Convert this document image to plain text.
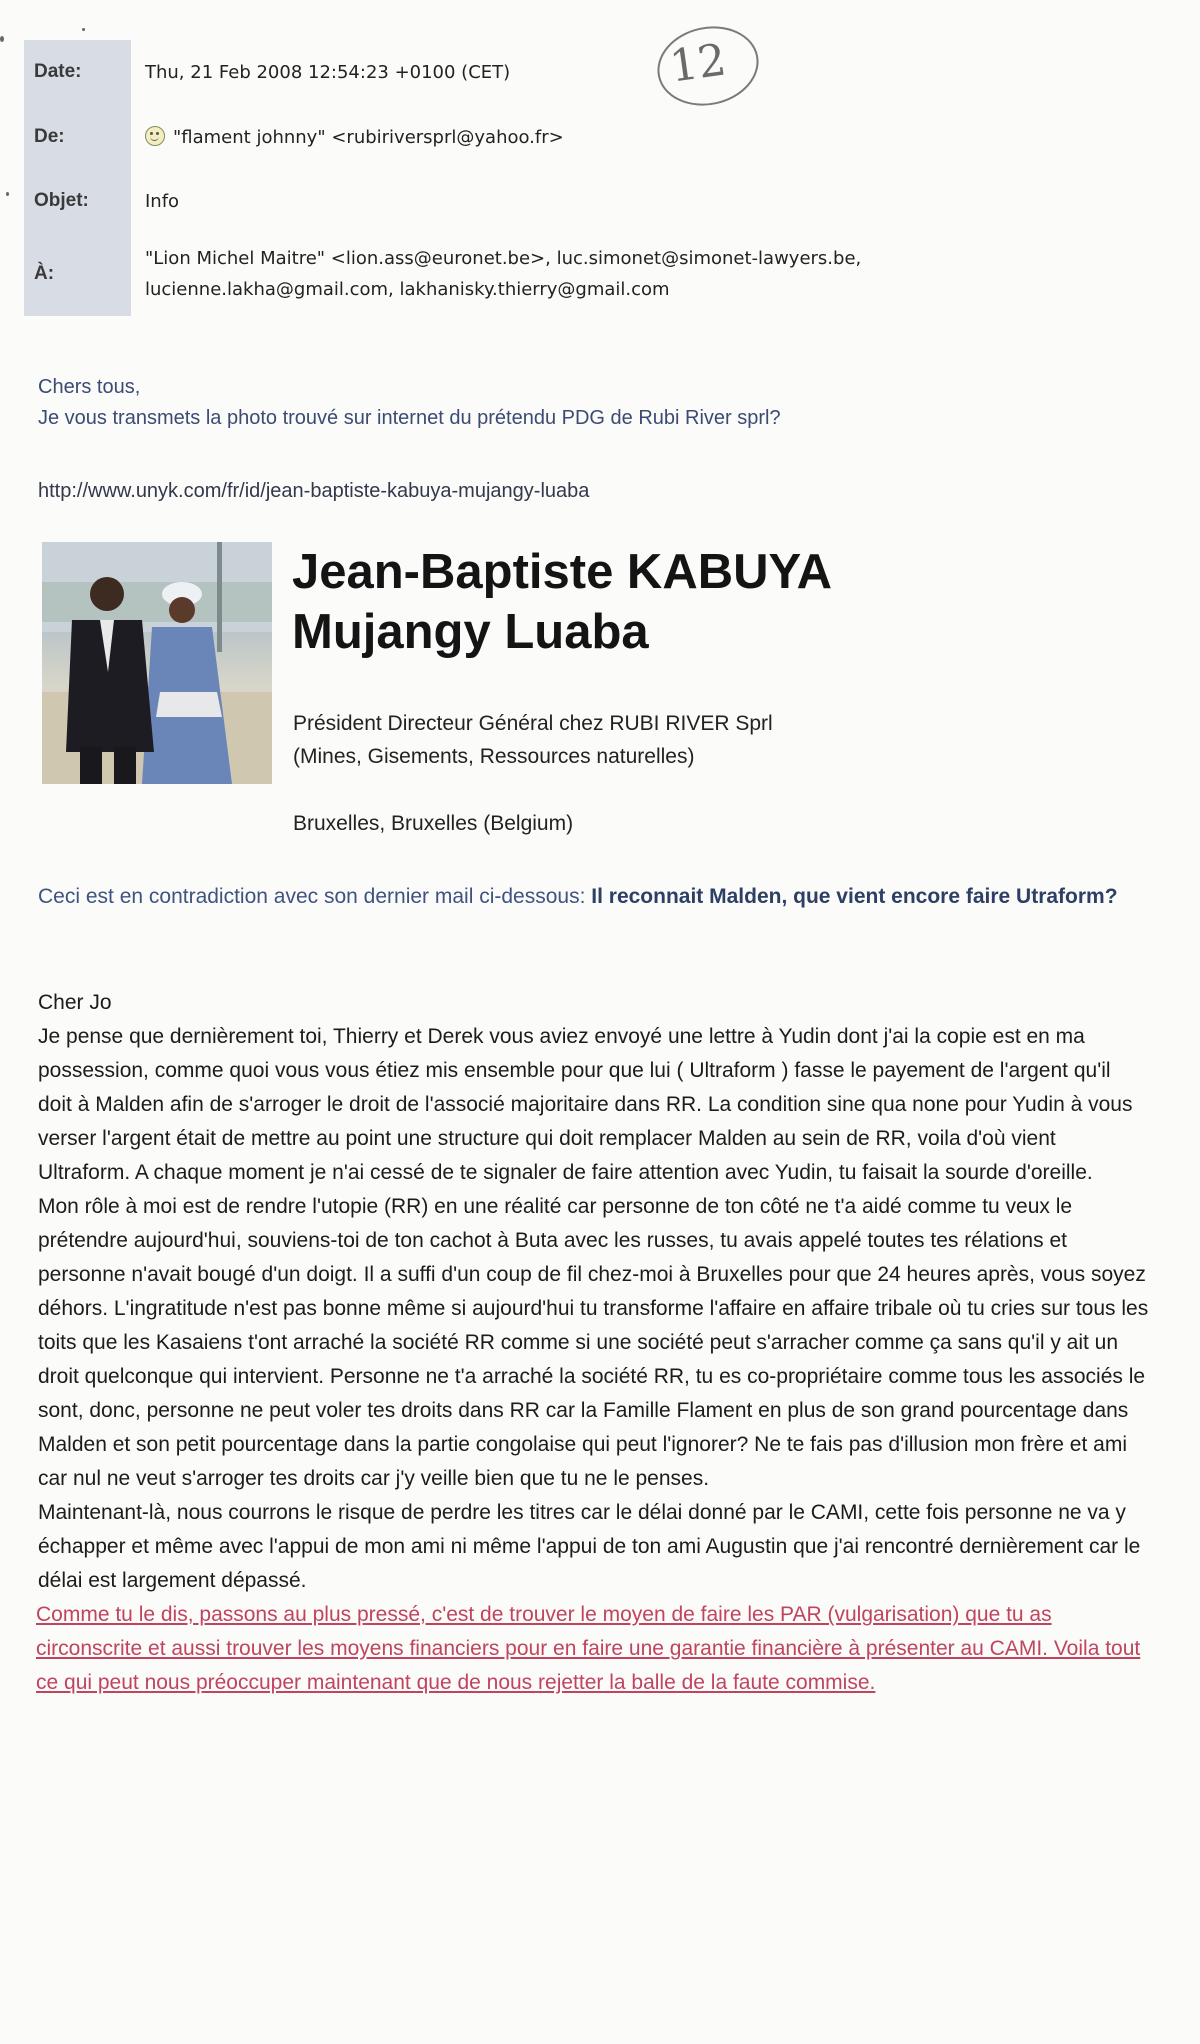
12
Date:	Thu, 21 Feb 2008 12:54:23 +0100 (CET)
De:	"flament johnny" <rubiriversprl@yahoo.fr>
Objet:	Info
À:	"Lion Michel Maitre" <lion.ass@euronet.be>, luc.simonet@simonet-lawyers.be,
lucienne.lakha@gmail.com, lakhanisky.thierry@gmail.com
Chers tous,
Je vous transmets la photo trouvé sur internet du prétendu PDG de Rubi River sprl?
http://www.unyk.com/fr/id/jean-baptiste-kabuya-mujangy-luaba
Jean-Baptiste KABUYA
Mujangy Luaba
Président Directeur Général chez RUBI RIVER Sprl
(Mines, Gisements, Ressources naturelles)
Bruxelles, Bruxelles (Belgium)
Ceci est en contradiction avec son dernier mail ci-dessous: Il reconnait Malden, que vient encore faire Utraform?

Cher Jo

Je pense que dernièrement toi, Thierry et Derek vous aviez envoyé une lettre à Yudin dont j'ai la copie est en ma possession, comme quoi vous vous étiez mis ensemble pour que lui ( Ultraform ) fasse le payement de l'argent qu'il doit à Malden afin de s'arroger le droit de l'associé majoritaire dans RR. La condition sine qua none pour Yudin à vous verser l'argent était de mettre au point une structure qui doit remplacer Malden au sein de RR, voila d'où vient Ultraform. A chaque moment je n'ai cessé de te signaler de faire attention avec Yudin, tu faisait la sourde d'oreille.

Mon rôle à moi est de rendre l'utopie (RR) en une réalité car personne de ton côté ne t'a aidé comme tu veux le prétendre aujourd'hui, souviens-toi de ton cachot à Buta avec les russes, tu avais appelé toutes tes rélations et personne n'avait bougé d'un doigt. Il a suffi d'un coup de fil chez-moi à Bruxelles pour que 24 heures après, vous soyez déhors. L'ingratitude n'est pas bonne même si aujourd'hui tu transforme l'affaire en affaire tribale où tu cries sur tous les toits que les Kasaiens t'ont arraché la société RR comme si une société peut s'arracher comme ça sans qu'il y ait un droit quelconque qui intervient. Personne ne t'a arraché la société RR, tu es co-propriétaire comme tous les associés le sont, donc, personne ne peut voler tes droits dans RR car la Famille Flament en plus de son grand pourcentage dans Malden et son petit pourcentage dans la partie congolaise qui peut l'ignorer? Ne te fais pas d'illusion mon frère et ami car nul ne veut s'arroger tes droits car j'y veille bien que tu ne le penses.

Maintenant-là, nous courrons le risque de perdre les titres car le délai donné par le CAMI, cette fois personne ne va y échapper et même avec l'appui de mon ami ni même l'appui de ton ami Augustin que j'ai rencontré dernièrement car le délai est largement dépassé.

Comme tu le dis, passons au plus pressé, c'est de trouver le moyen de faire les PAR (vulgarisation) que tu as circonscrite et aussi trouver les moyens financiers pour en faire une garantie financière à présenter au CAMI. Voila tout ce qui peut nous préoccuper maintenant que de nous rejetter la balle de la faute commise.
